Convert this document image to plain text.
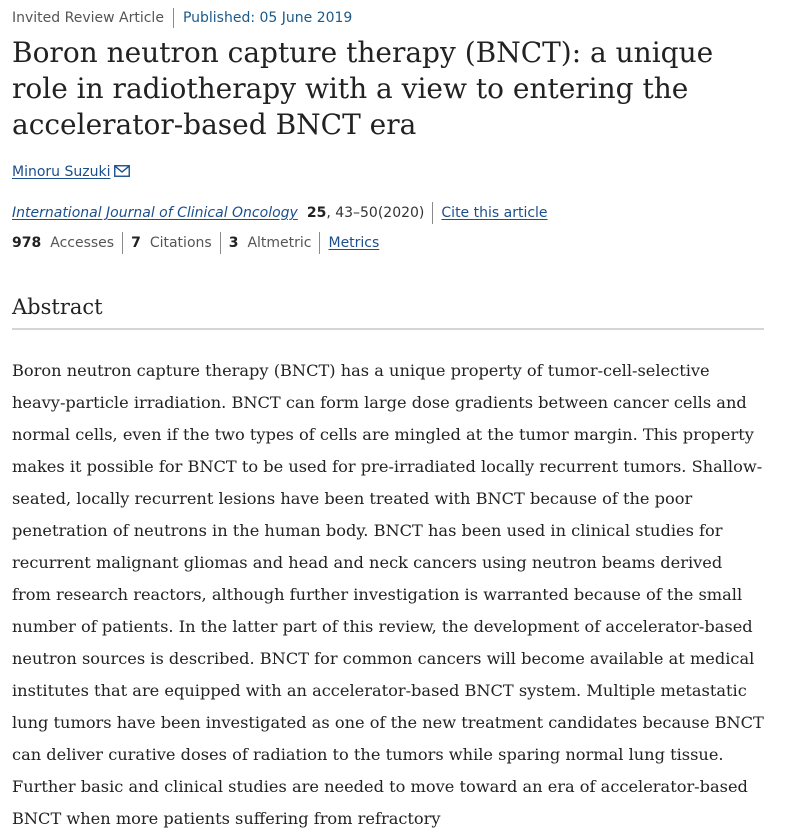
Invited Review Article Published: 05 June 2019
Boron neutron capture therapy (BNCT): a unique role in radiotherapy with a view to entering the accelerator-based BNCT era
Minoru Suzuki
International Journal of Clinical Oncology 25 , 43–50(2020) Cite this article
978 Accesses 7 Citations 3 Altmetric Metrics
Abstract

Boron neutron capture therapy (BNCT) has a unique property of tumor-cell-selective heavy-particle irradiation. BNCT can form large dose gradients between cancer cells and normal cells, even if the two types of cells are mingled at the tumor margin. This property makes it possible for BNCT to be used for pre-irradiated locally recurrent tumors. Shallow-seated, locally recurrent lesions have been treated with BNCT because of the poor penetration of neutrons in the human body. BNCT has been used in clinical studies for recurrent malignant gliomas and head and neck cancers using neutron beams derived from research reactors, although further investigation is warranted because of the small number of patients. In the latter part of this review, the development of accelerator-based neutron sources is described. BNCT for common cancers will become available at medical institutes that are equipped with an accelerator-based BNCT system. Multiple metastatic lung tumors have been investigated as one of the new treatment candidates because BNCT can deliver curative doses of radiation to the tumors while sparing normal lung tissue. Further basic and clinical studies are needed to move toward an era of accelerator-based BNCT when more patients suffering from refractory
